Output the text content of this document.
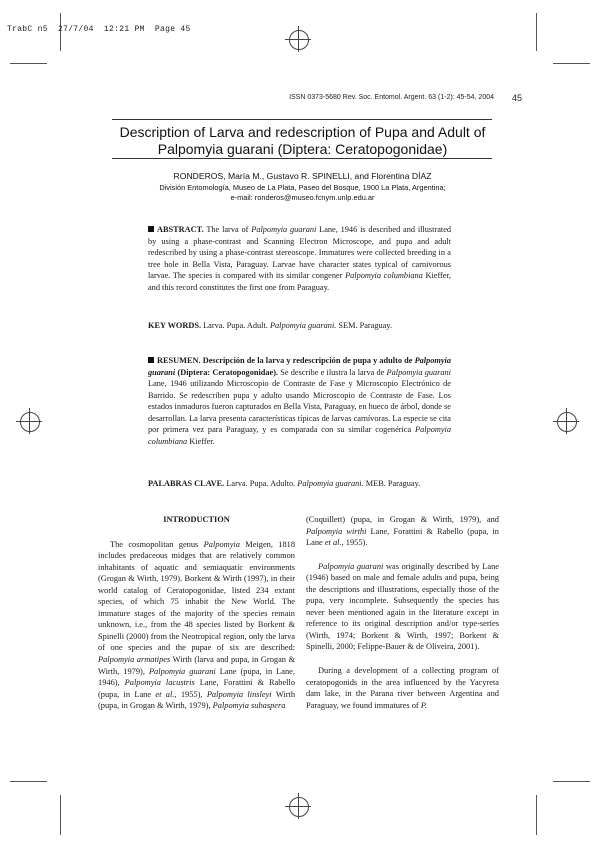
TrabC n5  27/7/04  12:21 PM  Page 45
ISSN 0373-5680 Rev. Soc. Entomol. Argent. 63 (1-2): 45-54, 2004 45
Description of Larva and redescription of Pupa and Adult of
Palpomyia guarani (Diptera: Ceratopogonidae)
RONDEROS, María M., Gustavo R. SPINELLI, and Florentina DÍAZ
División Entomología, Museo de La Plata, Paseo del Bosque, 1900 La Plata, Argentina;
e-mail: ronderos@museo.fcnym.unlp.edu.ar

ABSTRACT. The larva of Palpomyia guarani Lane, 1946 is described and illustrated by using a phase-contrast and Scanning Electron Microscope, and pupa and adult redescribed by using a phase-contrast stereoscope. Immatures were collected breeding in a tree hole in Bella Vista, Paraguay. Larvae have character states typical of carnivorous larvae. The species is compared with its similar congener Palpomyia columbiana Kieffer, and this record constitutes the first one from Paraguay.

KEY WORDS. Larva. Pupa. Adult. Palpomyia guarani. SEM. Paraguay.

RESUMEN. Descripción de la larva y redescripción de pupa y adulto de Palpomyia guarani (Diptera: Ceratopogonidae). Se describe e ilustra la larva de Palpomyia guarani Lane, 1946 utilizando Microscopio de Contraste de Fase y Microscopio Electrónico de Barrido. Se redescriben pupa y adulto usando Microscopio de Contraste de Fase. Los estados inmaduros fueron capturados en Bella Vista, Paraguay, en hueco de árbol, donde se desarrollan. La larva presenta características típicas de larvas carnívoras. La especie se cita por primera vez para Paraguay, y es comparada con su similar cogenérica Palpomyia columbiana Kieffer.

PALABRAS CLAVE. Larva. Pupa. Adulto. Palpomyia guarani. MEB. Paraguay.
INTRODUCTION

The cosmopolitan genus Palpomyia Meigen, 1818 includes predaceous midges that are relatively common inhabitants of aquatic and semiaquatic environments (Grogan & Wirth, 1979). Borkent & Wirth (1997), in their world catalog of Ceratopogonidae, listed 234 extant species, of which 75 inhabit the New World. The immature stages of the majority of the species remain unknown, i.e., from the 48 species listed by Borkent & Spinelli (2000) from the Neotropical region, only the larva of one species and the pupae of six are described: Palpomyia armatipes Wirth (larva and pupa, in Grogan & Wirth, 1979), Palpomyia guarani Lane (pupa, in Lane, 1946), Palpomyia lacustris Lane, Forattini & Rabello (pupa, in Lane et al., 1955), Palpomyia linsleyi Wirth (pupa, in Grogan & Wirth, 1979), Palpomyia subaspera

(Coquillett) (pupa, in Grogan & Wirth, 1979), and Palpomyia wirthi Lane, Forattini & Rabello (pupa, in Lane et al., 1955).

Palpomyia guarani was originally described by Lane (1946) based on male and female adults and pupa, being the descriptions and illustrations, especially those of the pupa, very incomplete. Subsequently the species has never been mentioned again in the literature except in reference to its original description and/or type-series (Wirth, 1974; Borkent & Wirth, 1997; Borkent & Spinelli, 2000; Felippe-Bauer & de Oliveira, 2001).

During a development of a collecting program of ceratopogonids in the area influenced by the Yacyreta dam lake, in the Parana river between Argentina and Paraguay, we found immatures of P.
